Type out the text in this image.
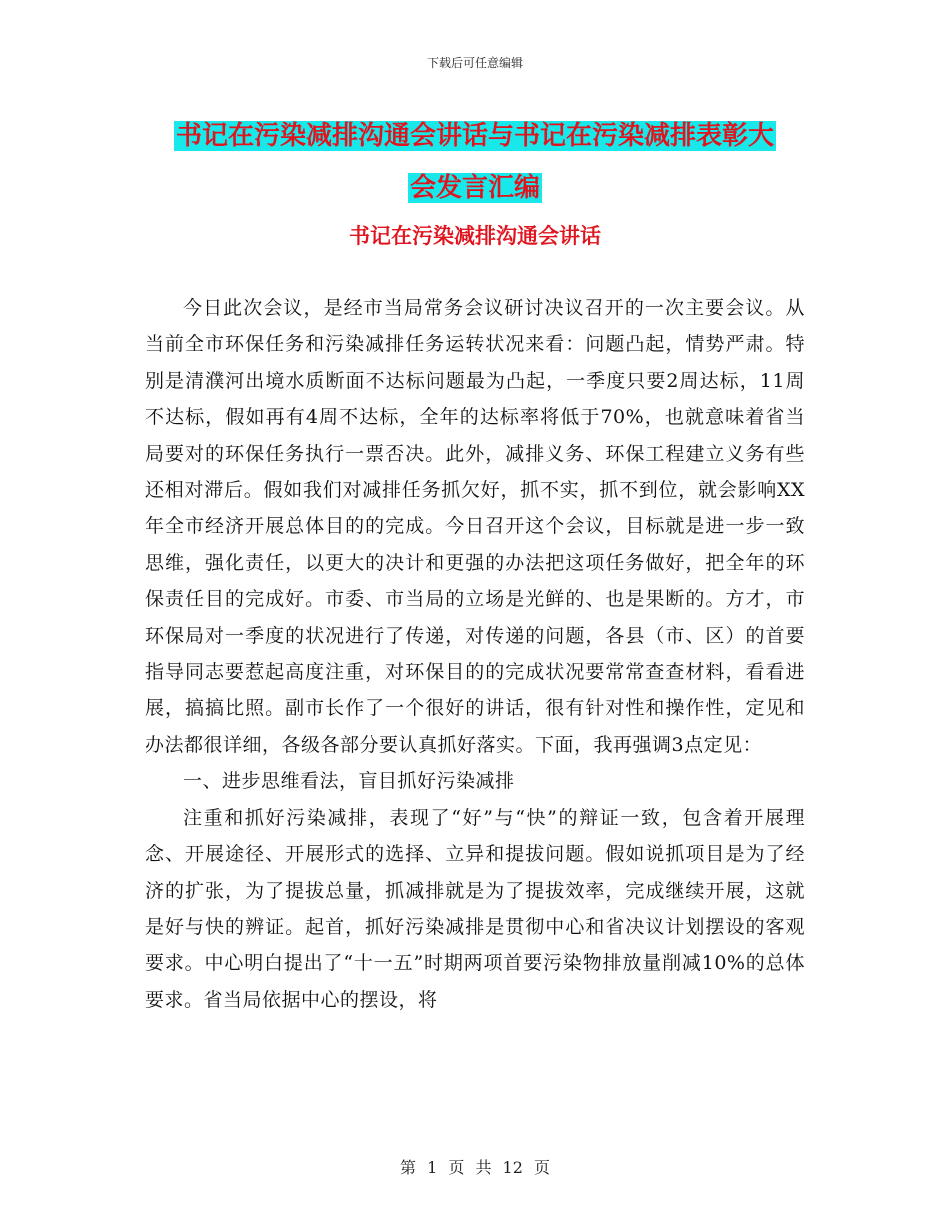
下载后可任意编辑
书记在污染减排沟通会讲话与书记在污染减排表彰大
会发言汇编
书记在污染减排沟通会讲话

今日此次会议，是经市当局常务会议研讨决议召开的一次主要会议。从当前全市环保任务和污染减排任务运转状况来看：问题凸起，情势严肃。特别是清濮河出境水质断面不达标问题最为凸起，一季度只要2周达标，11周不达标，假如再有4周不达标，全年的达标率将低于70%，也就意味着省当局要对的环保任务执行一票否决。此外，减排义务、环保工程建立义务有些还相对滞后。假如我们对减排任务抓欠好，抓不实，抓不到位，就会影响XX年全市经济开展总体目的的完成。今日召开这个会议，目标就是进一步一致思维，强化责任，以更大的决计和更强的办法把这项任务做好，把全年的环保责任目的完成好。市委、市当局的立场是光鲜的、也是果断的。方才，市环保局对一季度的状况进行了传递，对传递的问题，各县（市、区）的首要指导同志要惹起高度注重，对环保目的的完成状况要常常查查材料，看看进展，搞搞比照。副市长作了一个很好的讲话，很有针对性和操作性，定见和办法都很详细，各级各部分要认真抓好落实。下面，我再强调3点定见：

一、进步思维看法，盲目抓好污染减排

注重和抓好污染减排，表现了“好”与“快”的辩证一致，包含着开展理念、开展途径、开展形式的选择、立异和提拔问题。假如说抓项目是为了经济的扩张，为了提拔总量，抓减排就是为了提拔效率，完成继续开展，这就是好与快的辨证。起首，抓好污染减排是贯彻中心和省决议计划摆设的客观要求。中心明白提出了“十一五”时期两项首要污染物排放量削减10%的总体要求。省当局依据中心的摆设，将

第 1 页 共 12 页
